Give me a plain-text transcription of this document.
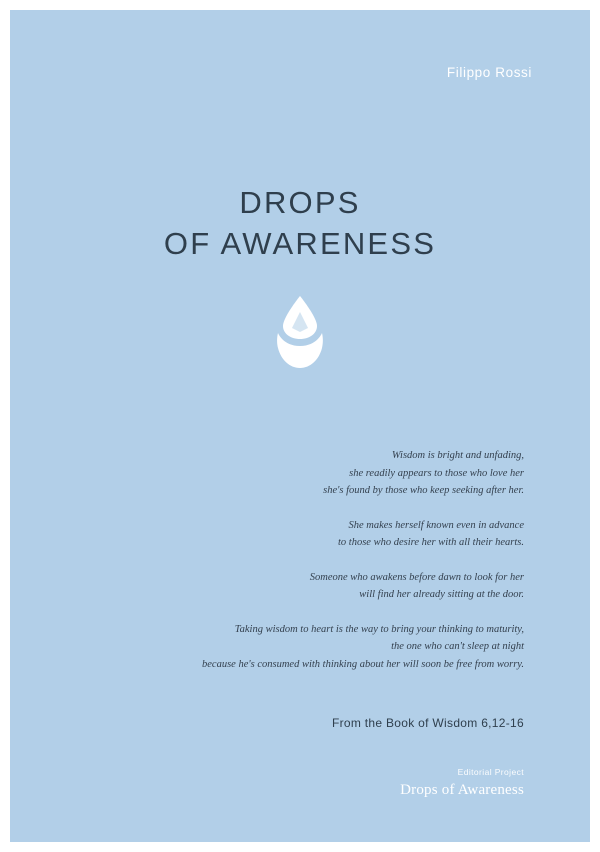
Filippo Rossi
DROPS
OF AWARENESS

Wisdom is bright and unfading,
she readily appears to those who love her
she's found by those who keep seeking after her.

She makes herself known even in advance
to those who desire her with all their hearts.

Someone who awakens before dawn to look for her
will find her already sitting at the door.

Taking wisdom to heart is the way to bring your thinking to maturity,
the one who can't sleep at night
because he's consumed with thinking about her will soon be free from worry.

From the Book of Wisdom 6,12-16
Editorial Project
Drops of Awareness
